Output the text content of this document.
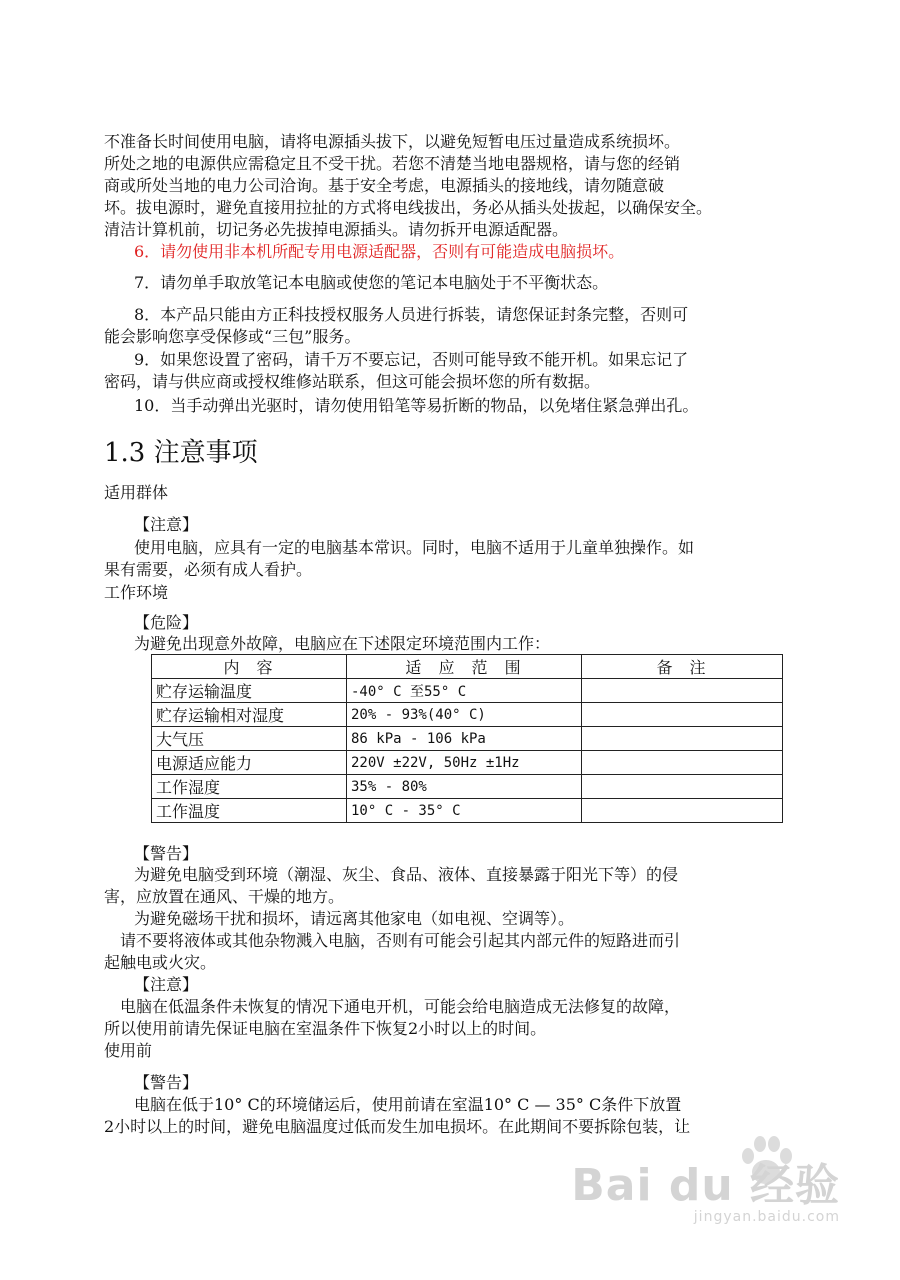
不准备长时间使用电脑，请将电源插头拔下，以避免短暂电压过量造成系统损坏。
所处之地的电源供应需稳定且不受干扰。若您不清楚当地电器规格，请与您的经销
商或所处当地的电力公司洽询。基于安全考虑，电源插头的接地线，请勿随意破
坏。拔电源时，避免直接用拉扯的方式将电线拔出，务必从插头处拔起，以确保安全。
清洁计算机前，切记务必先拔掉电源插头。请勿拆开电源适配器。
6．请勿使用非本机所配专用电源适配器，否则有可能造成电脑损坏。
7．请勿单手取放笔记本电脑或使您的笔记本电脑处于不平衡状态。
8．本产品只能由方正科技授权服务人员进行拆装，请您保证封条完整，否则可
能会影响您享受保修或“三包”服务。
9．如果您设置了密码，请千万不要忘记，否则可能导致不能开机。如果忘记了
密码，请与供应商或授权维修站联系，但这可能会损坏您的所有数据。
10．当手动弹出光驱时，请勿使用铅笔等易折断的物品，以免堵住紧急弹出孔。
1.3 注意事项
适用群体
【注意】
使用电脑，应具有一定的电脑基本常识。同时，电脑不适用于儿童单独操作。如
果有需要，必须有成人看护。
工作环境
【危险】
为避免出现意外故障，电脑应在下述限定环境范围内工作：
内 容	适 应 范 围	备 注
贮存运输温度	-40° C 至55° C	
贮存运输相对湿度	20% - 93%(40° C)	
大气压	86 kPa - 106 kPa	
电源适应能力	220V ±22V, 50Hz ±1Hz	
工作湿度	35% - 80%	
工作温度	10° C - 35° C	
【警告】
为避免电脑受到环境（潮湿、灰尘、食品、液体、直接暴露于阳光下等）的侵
害，应放置在通风、干燥的地方。
为避免磁场干扰和损坏，请远离其他家电（如电视、空调等）。
请不要将液体或其他杂物溅入电脑，否则有可能会引起其内部元件的短路进而引
起触电或火灾。
【注意】
电脑在低温条件未恢复的情况下通电开机，可能会给电脑造成无法修复的故障，
所以使用前请先保证电脑在室温条件下恢复2小时以上的时间。
使用前
【警告】
电脑在低于10° C的环境储运后，使用前请在室温10° C — 35° C条件下放置
2小时以上的时间，避免电脑温度过低而发生加电损坏。在此期间不要拆除包装，让
Bai du 经验
jingyan.baidu.com
